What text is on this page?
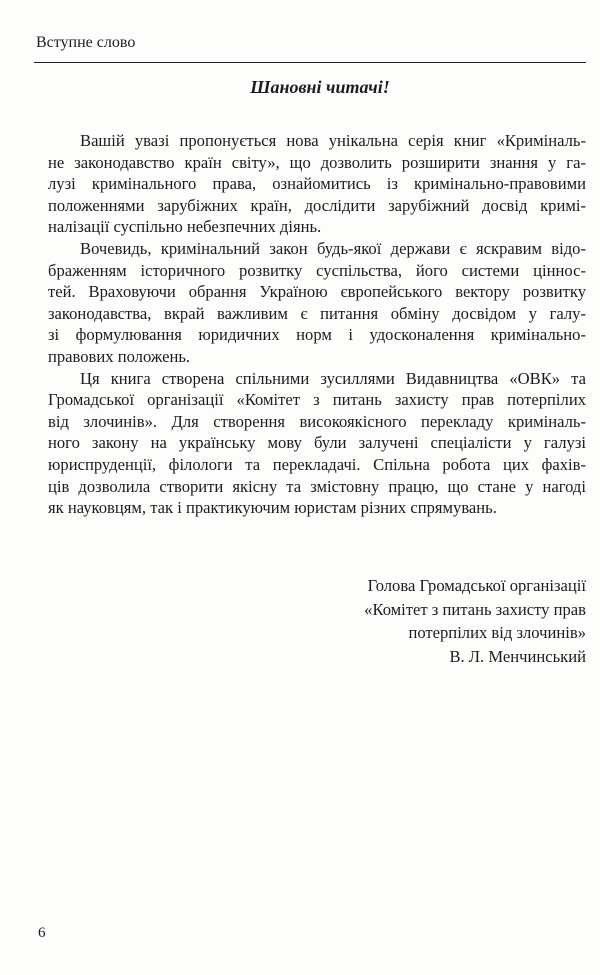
Вступне слово
Шановні читачі!
Вашій увазі пропонується нова унікальна серія книг «Криміналь-
не законодавство країн світу», що дозволить розширити знання у га-
лузі кримінального права, ознайомитись із кримінально-правовими
положеннями зарубіжних країн, дослідити зарубіжний досвід кримі-
налізації суспільно небезпечних діянь.
Вочевидь, кримінальний закон будь-якої держави є яскравим відо-
браженням історичного розвитку суспільства, його системи ціннос-
тей. Враховуючи обрання Україною європейського вектору розвитку
законодавства, вкрай важливим є питання обміну досвідом у галу-
зі формулювання юридичних норм і удосконалення кримінально-
правових положень.
Ця книга створена спільними зусиллями Видавництва «ОВК» та
Громадської організації «Комітет з питань захисту прав потерпілих
від злочинів». Для створення високоякісного перекладу криміналь-
ного закону на українську мову були залучені спеціалісти у галузі
юриспруденції, філологи та перекладачі. Спільна робота цих фахів-
ців дозволила створити якісну та змістовну працю, що стане у нагоді
як науковцям, так і практикуючим юристам різних спрямувань.
Голова Громадської організації
«Комітет з питань захисту прав
потерпілих від злочинів»
В. Л. Менчинський
6
